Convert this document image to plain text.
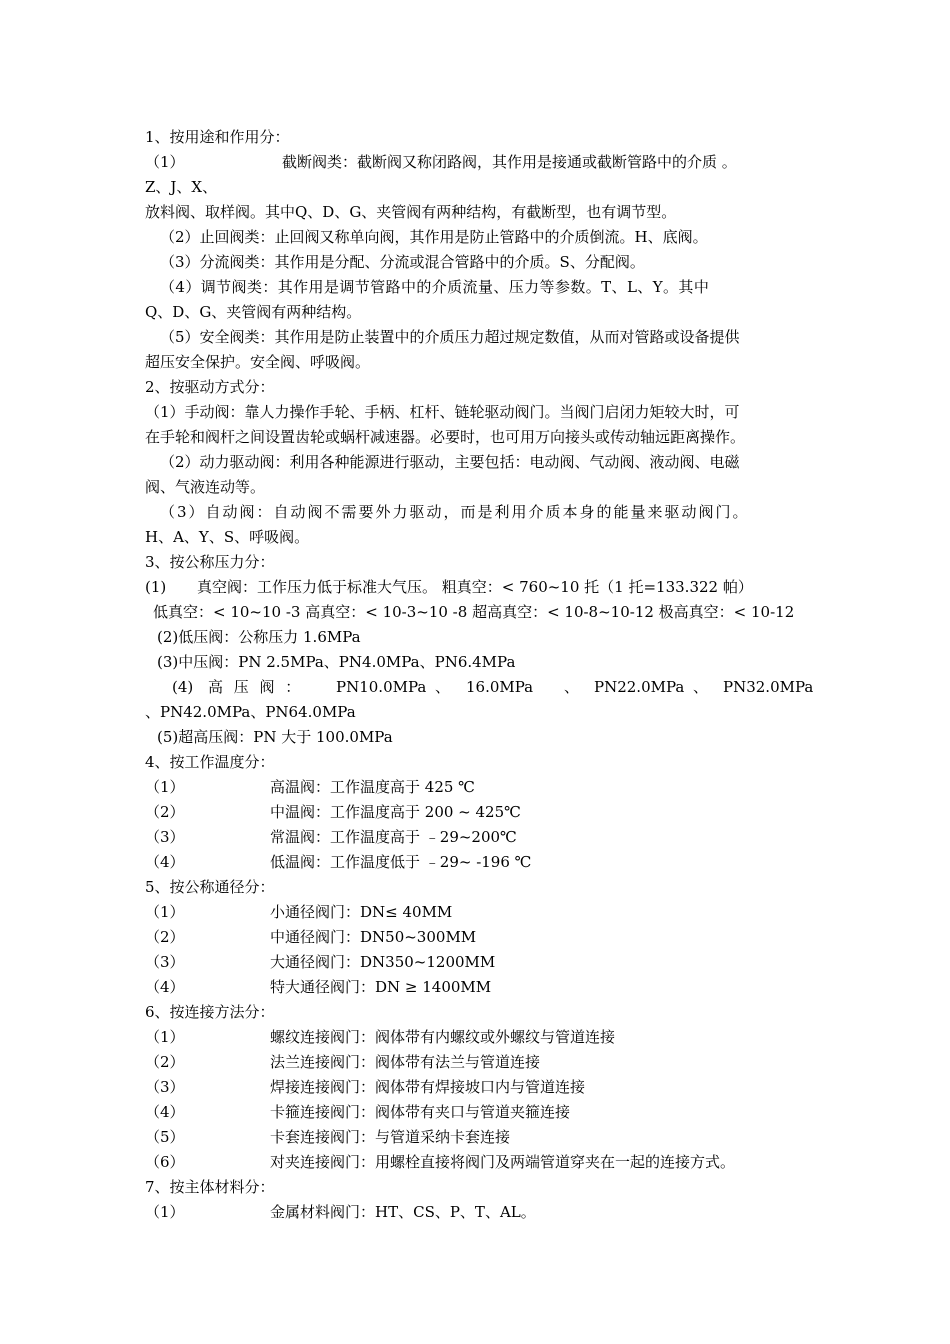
1、按用途和作用分：
（1）	截断阀类：截断阀又称闭路阀，其作用是接通或截断管路中的介质 。
Z、J、X、
放料阀、取样阀。其中Q、D、G、夹管阀有两种结构，有截断型，也有调节型。
（2）止回阀类：止回阀又称单向阀，其作用是防止管路中的介质倒流。H、底阀。
（3）分流阀类：其作用是分配、分流或混合管路中的介质。S、分配阀。
（4）调节阀类：其作用是调节管路中的介质流量、压力等参数。T、L、Y。其中
Q、D、G、夹管阀有两种结构。
（5）安全阀类：其作用是防止装置中的介质压力超过规定数值，从而对管路或设备提供
超压安全保护。安全阀、呼吸阀。
2、按驱动方式分：
（1）手动阀：靠人力操作手轮、手柄、杠杆、链轮驱动阀门。当阀门启闭力矩较大时，可
在手轮和阀杆之间设置齿轮或蜗杆减速器。必要时，也可用万向接头或传动轴远距离操作。
（2）动力驱动阀：利用各种能源进行驱动，主要包括：电动阀、气动阀、液动阀、电磁
阀、气液连动等。
（3）自动阀：自动阀不需要外力驱动，而是利用介质本身的能量来驱动阀门。
H、A、Y、S、呼吸阀。
3、按公称压力分：
(1) 真空阀：工作压力低于标准大气压。 粗真空：< 760~10 托（1 托=133.322 帕）
低真空：< 10~10 -3 高真空：< 10-3~10 -8 超高真空：< 10-8~10-12 极高真空：< 10-12
(2)低压阀：公称压力 1.6MPa
(3)中压阀：PN 2.5MPa、PN4.0MPa、PN6.4MPa
(4) 高 压 阀 ： PN10.0MPa 、 16.0MPa 、 PN22.0MPa 、 PN32.0MPa
、PN42.0MPa、PN64.0MPa
(5)超高压阀：PN 大于 100.0MPa
4、按工作温度分：
（1）	高温阀：工作温度高于 425 ℃
（2）	中温阀：工作温度高于 200 ~ 425℃
（3）	常温阀：工作温度高于 ﹣29~200℃
（4）	低温阀：工作温度低于 ﹣29~ -196 ℃
5、按公称通径分：
（1）	小通径阀门：DN≤ 40MM
（2）	中通径阀门：DN50~300MM
（3）	大通径阀门：DN350~1200MM
（4）	特大通径阀门：DN ≥ 1400MM
6、按连接方法分：
（1）	螺纹连接阀门：阀体带有内螺纹或外螺纹与管道连接
（2）	法兰连接阀门：阀体带有法兰与管道连接
（3）	焊接连接阀门：阀体带有焊接坡口内与管道连接
（4）	卡箍连接阀门：阀体带有夹口与管道夹箍连接
（5）	卡套连接阀门：与管道采纳卡套连接
（6）	对夹连接阀门：用螺栓直接将阀门及两端管道穿夹在一起的连接方式。
7、按主体材料分：
（1）	金属材料阀门：HT、CS、P、T、AL。
